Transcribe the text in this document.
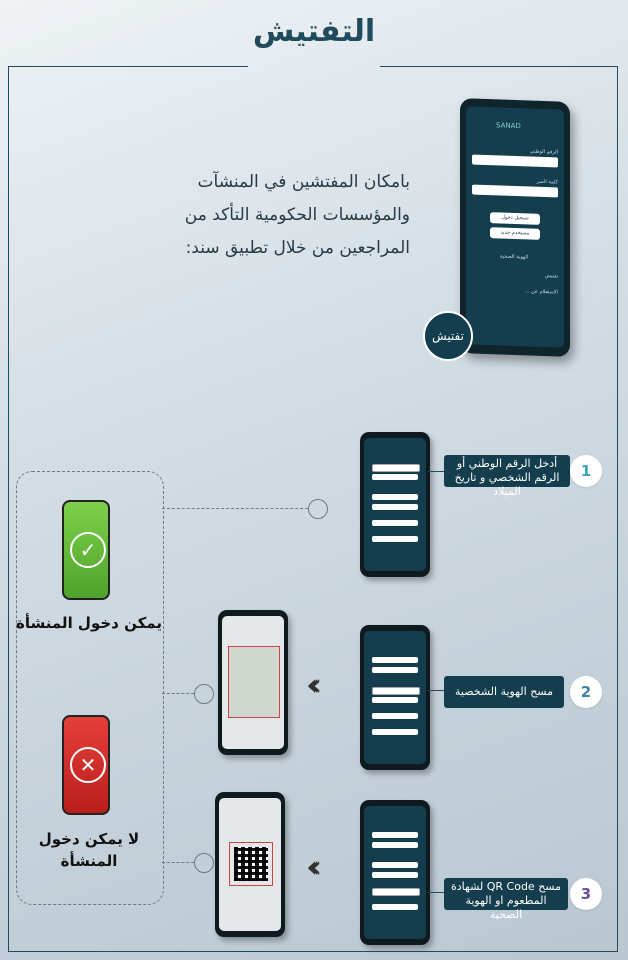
التفتيش
بامكان المفتشين في المنشآت والمؤسسات الحكومية التأكد من المراجعين من خلال تطبيق سند:
SANAD
الرقم الوطني
كلمة السر
تسجيل دخول
مستخدم جديد
الهوية الصحية
تفتيش
الاستعلام عن ...
تفتيش
✓
يمكن دخول المنشأة
✕
لا يمكن دخول المنشأة
أدخل الرقم الوطني أو الرقم الشخصي و تاريخ الميلاد
1
‹‹‹	مسح الهوية الشخصية	2
‹‹‹
مسح QR Code لشهادة المطعوم او الهوية الصحية
3
